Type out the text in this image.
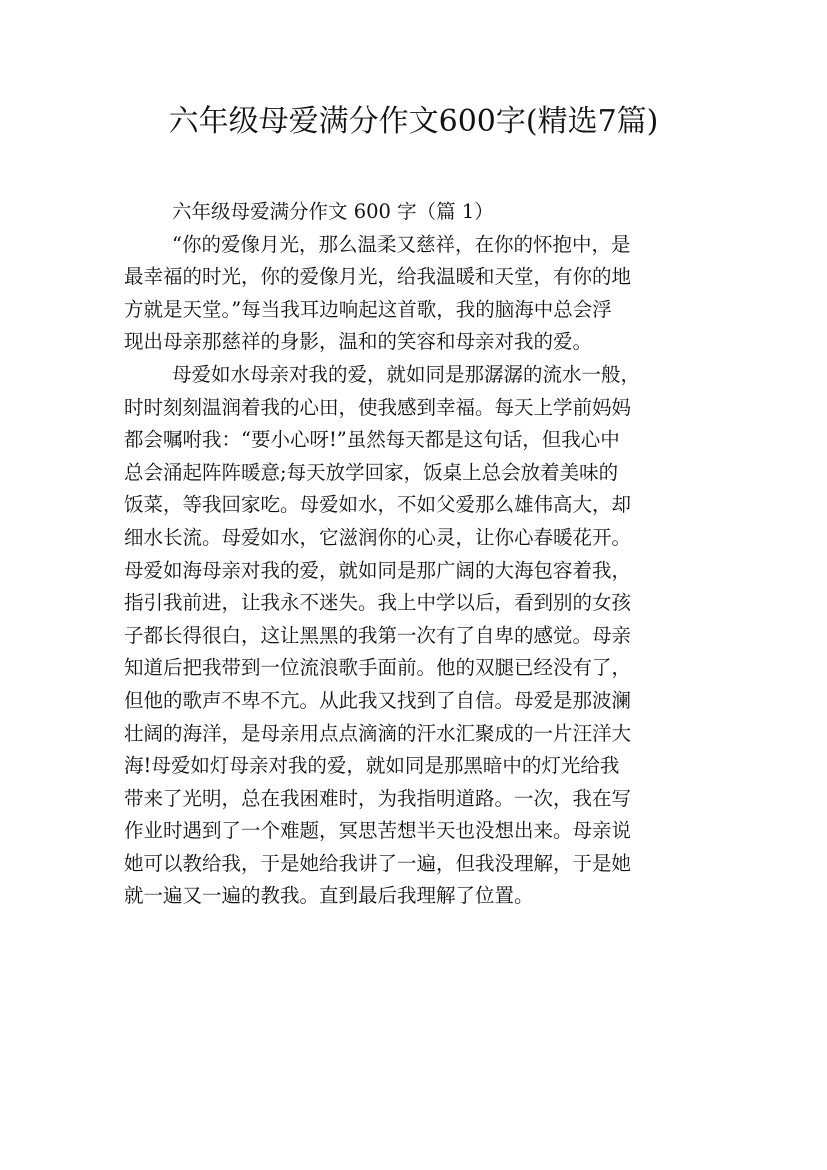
六年级母爱满分作文600字(精选7篇)
六年级母爱满分作文 600 字（篇 1）
“你的爱像月光，那么温柔又慈祥，在你的怀抱中，是
最幸福的时光，你的爱像月光，给我温暖和天堂，有你的地
方就是天堂。”每当我耳边响起这首歌，我的脑海中总会浮
现出母亲那慈祥的身影，温和的笑容和母亲对我的爱。
母爱如水母亲对我的爱，就如同是那潺潺的流水一般，
时时刻刻温润着我的心田，使我感到幸福。每天上学前妈妈
都会嘱咐我：“要小心呀!”虽然每天都是这句话，但我心中
总会涌起阵阵暖意;每天放学回家，饭桌上总会放着美味的
饭菜，等我回家吃。母爱如水，不如父爱那么雄伟高大，却
细水长流。母爱如水，它滋润你的心灵，让你心春暖花开。
母爱如海母亲对我的爱，就如同是那广阔的大海包容着我，
指引我前进，让我永不迷失。我上中学以后，看到别的女孩
子都长得很白，这让黑黑的我第一次有了自卑的感觉。母亲
知道后把我带到一位流浪歌手面前。他的双腿已经没有了，
但他的歌声不卑不亢。从此我又找到了自信。母爱是那波澜
壮阔的海洋，是母亲用点点滴滴的汗水汇聚成的一片汪洋大
海!母爱如灯母亲对我的爱，就如同是那黑暗中的灯光给我
带来了光明，总在我困难时，为我指明道路。一次，我在写
作业时遇到了一个难题，冥思苦想半天也没想出来。母亲说
她可以教给我，于是她给我讲了一遍，但我没理解，于是她
就一遍又一遍的教我。直到最后我理解了位置。
